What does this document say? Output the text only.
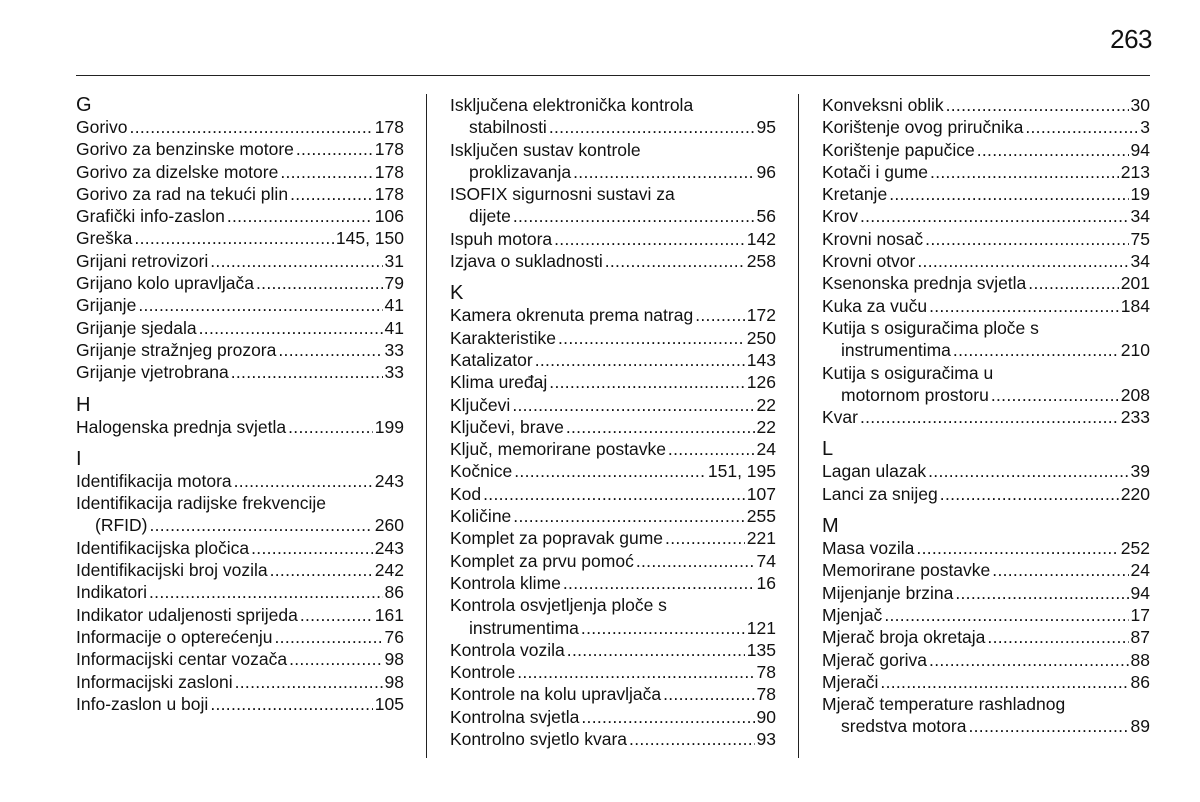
263
G
Gorivo .....	178
Gorivo za benzinske motore .....	178
Gorivo za dizelske motore .....	178
Gorivo za rad na tekući plin .....	178
Grafički info-zaslon .....	106
Greška .....	145, 150
Grijani retrovizori .....	31
Grijano kolo upravljača .....	79
Grijanje .....	41
Grijanje sjedala .....	41
Grijanje stražnjeg prozora .....	33
Grijanje vjetrobrana .....	33
H
Halogenska prednja svjetla .....	199
I
Identifikacija motora .....	243
Identifikacija radijske frekvencije
(RFID) .....	260
Identifikacijska pločica .....	243
Identifikacijski broj vozila .....	242
Indikatori .....	86
Indikator udaljenosti sprijeda .....	161
Informacije o opterećenju .....	76
Informacijski centar vozača .....	98
Informacijski zasloni .....	98
Info-zaslon u boji .....	105
Isključena elektronička kontrola
stabilnosti .....	95
Isključen sustav kontrole
proklizavanja .....	96
ISOFIX sigurnosni sustavi za
dijete .....	56
Ispuh motora .....	142
Izjava o sukladnosti .....	258
K
Kamera okrenuta prema natrag .....	172
Karakteristike .....	250
Katalizator .....	143
Klima uređaj .....	126
Ključevi .....	22
Ključevi, brave .....	22
Ključ, memorirane postavke .....	24
Kočnice .....	151, 195
Kod .....	107
Količine .....	255
Komplet za popravak gume .....	221
Komplet za prvu pomoć .....	74
Kontrola klime .....	16
Kontrola osvjetljenja ploče s
instrumentima .....	121
Kontrola vozila .....	135
Kontrole .....	78
Kontrole na kolu upravljača .....	78
Kontrolna svjetla .....	90
Kontrolno svjetlo kvara .....	93
Konveksni oblik .....	30
Korištenje ovog priručnika .....	3
Korištenje papučice .....	94
Kotači i gume .....	213
Kretanje .....	19
Krov .....	34
Krovni nosač .....	75
Krovni otvor .....	34
Ksenonska prednja svjetla .....	201
Kuka za vuču .....	184
Kutija s osiguračima ploče s
instrumentima .....	210
Kutija s osiguračima u
motornom prostoru .....	208
Kvar .....	233
L
Lagan ulazak .....	39
Lanci za snijeg .....	220
M
Masa vozila .....	252
Memorirane postavke .....	24
Mijenjanje brzina .....	94
Mjenjač .....	17
Mjerač broja okretaja .....	87
Mjerač goriva .....	88
Mjerači .....	86
Mjerač temperature rashladnog
sredstva motora .....	89
